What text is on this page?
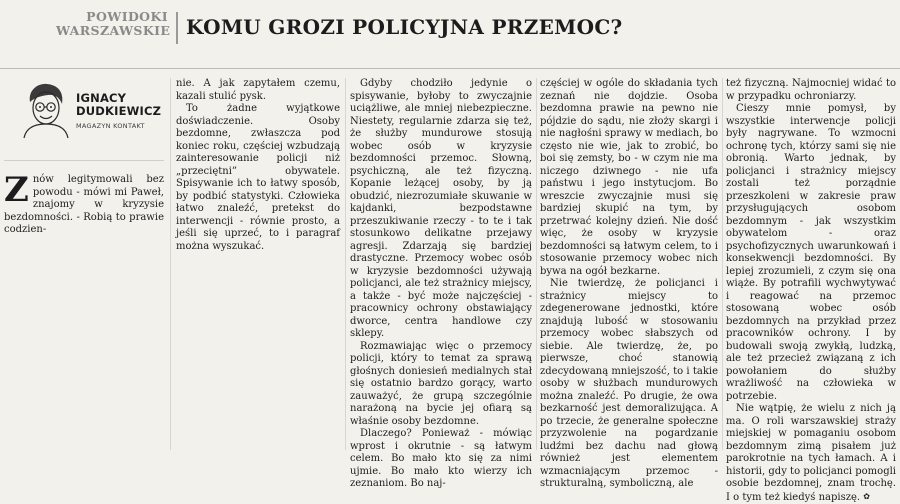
POWIDOKI
WARSZAWSKIE KOMU GROZI POLICYJNA PRZEMOC?
IGNACY
DUDKIEWICZ
MAGAZYN KONTAKT

Znów legitymowali bez powodu - mówi mi Paweł, znajomy w kryzysie bezdomności. - Robią to prawie codzien-

nie. A jak zapytałem czemu, kazali stulić pysk.

To żadne wyjątkowe doświadczenie. Osoby bezdomne, zwłaszcza pod koniec roku, częściej wzbudzają zainteresowanie policji niż „przeciętni” obywatele. Spisywanie ich to łatwy sposób, by podbić statystyki. Człowieka łatwo znaleźć, pretekst do interwencji - równie prosto, a jeśli się uprzeć, to i paragraf można wyszukać.

Gdyby chodziło jedynie o spisywanie, byłoby to zwyczajnie uciążliwe, ale mniej niebezpieczne. Niestety, regularnie zdarza się też, że służby mundurowe stosują wobec osób w kryzysie bezdomności przemoc. Słowną, psychiczną, ale też fizyczną. Kopanie leżącej osoby, by ją obudzić, niezrozumiałe skuwanie w kajdanki, bezpodstawne przeszukiwanie rzeczy - to te i tak stosunkowo delikatne przejawy agresji. Zdarzają się bardziej drastyczne. Przemocy wobec osób w kryzysie bezdomności używają policjanci, ale też strażnicy miejscy, a także - być może najczęściej - pracownicy ochrony obstawiający dworce, centra handlowe czy sklepy.

Rozmawiając więc o przemocy policji, który to temat za sprawą głośnych doniesień medialnych stał się ostatnio bardzo gorący, warto zauważyć, że grupą szczególnie narażoną na bycie jej ofiarą są właśnie osoby bezdomne.

Dlaczego? Ponieważ - mówiąc wprost i okrutnie - są łatwym celem. Bo mało kto się za nimi ujmie. Bo mało kto wierzy ich zeznaniom. Bo naj-

częściej w ogóle do składania tych zeznań nie dojdzie. Osoba bezdomna prawie na pewno nie pójdzie do sądu, nie złoży skargi i nie nagłośni sprawy w mediach, bo często nie wie, jak to zrobić, bo boi się zemsty, bo - w czym nie ma niczego dziwnego - nie ufa państwu i jego instytucjom. Bo wreszcie zwyczajnie musi się bardziej skupić na tym, by przetrwać kolejny dzień. Nie dość więc, że osoby w kryzysie bezdomności są łatwym celem, to i stosowanie przemocy wobec nich bywa na ogół bezkarne.

Nie twierdzę, że policjanci i strażnicy miejscy to zdegenerowane jednostki, które znajdują lubość w stosowaniu przemocy wobec słabszych od siebie. Ale twierdzę, że, po pierwsze, choć stanowią zdecydowaną mniejszość, to i takie osoby w służbach mundurowych można znaleźć. Po drugie, że owa bezkarność jest demoralizująca. A po trzecie, że generalne społeczne przyzwolenie na pogardzanie ludźmi bez dachu nad głową również jest elementem wzmacniającym przemoc - strukturalną, symboliczną, ale

też fizyczną. Najmocniej widać to w przypadku ochroniarzy.

Cieszy mnie pomysł, by wszystkie interwencje policji były nagrywane. To wzmocni ochronę tych, którzy sami się nie obronią. Warto jednak, by policjanci i strażnicy miejscy zostali też porządnie przeszkoleni w zakresie praw przysługujących osobom bezdomnym - jak wszystkim obywatelom - oraz psychofizycznych uwarunkowań i konsekwencji bezdomności. By lepiej zrozumieli, z czym się ona wiąże. By potrafili wychwytywać i reagować na przemoc stosowaną wobec osób bezdomnych na przykład przez pracowników ochrony. I by budowali swoją zwykłą, ludzką, ale też przecież związaną z ich powołaniem do służby wrażliwość na człowieka w potrzebie.

Nie wątpię, że wielu z nich ją ma. O roli warszawskiej straży miejskiej w pomaganiu osobom bezdomnym zimą pisałem już parokrotnie na tych łamach. A i historii, gdy to policjanci pomogli osobie bezdomnej, znam trochę. I o tym też kiedyś napiszę. ✿
